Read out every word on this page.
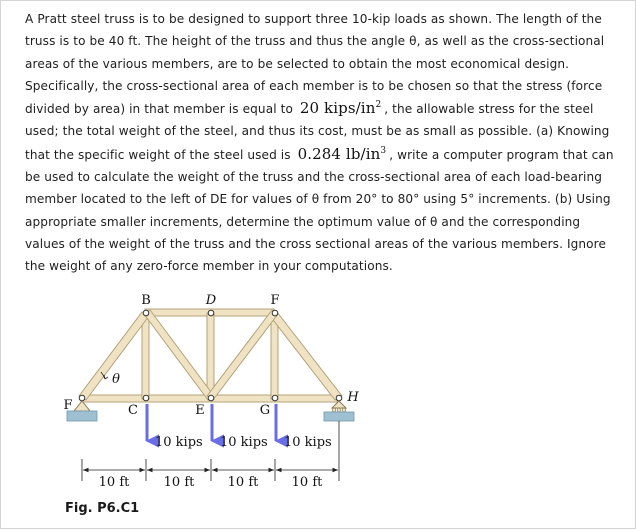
A Pratt steel truss is to be designed to support three 10-kip loads as shown. The length of the truss is to be 40 ft. The height of the truss and thus the angle θ, as well as the cross-sectional areas of the various members, are to be selected to obtain the most economical design. Specifically, the cross-sectional area of each member is to be chosen so that the stress (force divided by area) in that member is equal to 20 kips/$in^2$ , the allowable stress for the steel used; the total weight of the steel, and thus its cost, must be as small as possible. (a) Knowing that the specific weight of the steel used is 0.284 $lb/in^3$ , write a computer program that can be used to calculate the weight of the truss and the cross-sectional area of each load-bearing member located to the left of DE for values of θ from 20° to 80° using 5° increments. (b) Using appropriate smaller increments, determine the optimum value of θ and the corresponding values of the weight of the truss and the cross sectional areas of the various members. Ignore the weight of any zero-force member in your computations.

B	D	F
F	C	E	G
H
θ
10 kips 10 kips 10 kips
10 ft	10 ft	10 ft	10 ft
Fig. P6.C1
